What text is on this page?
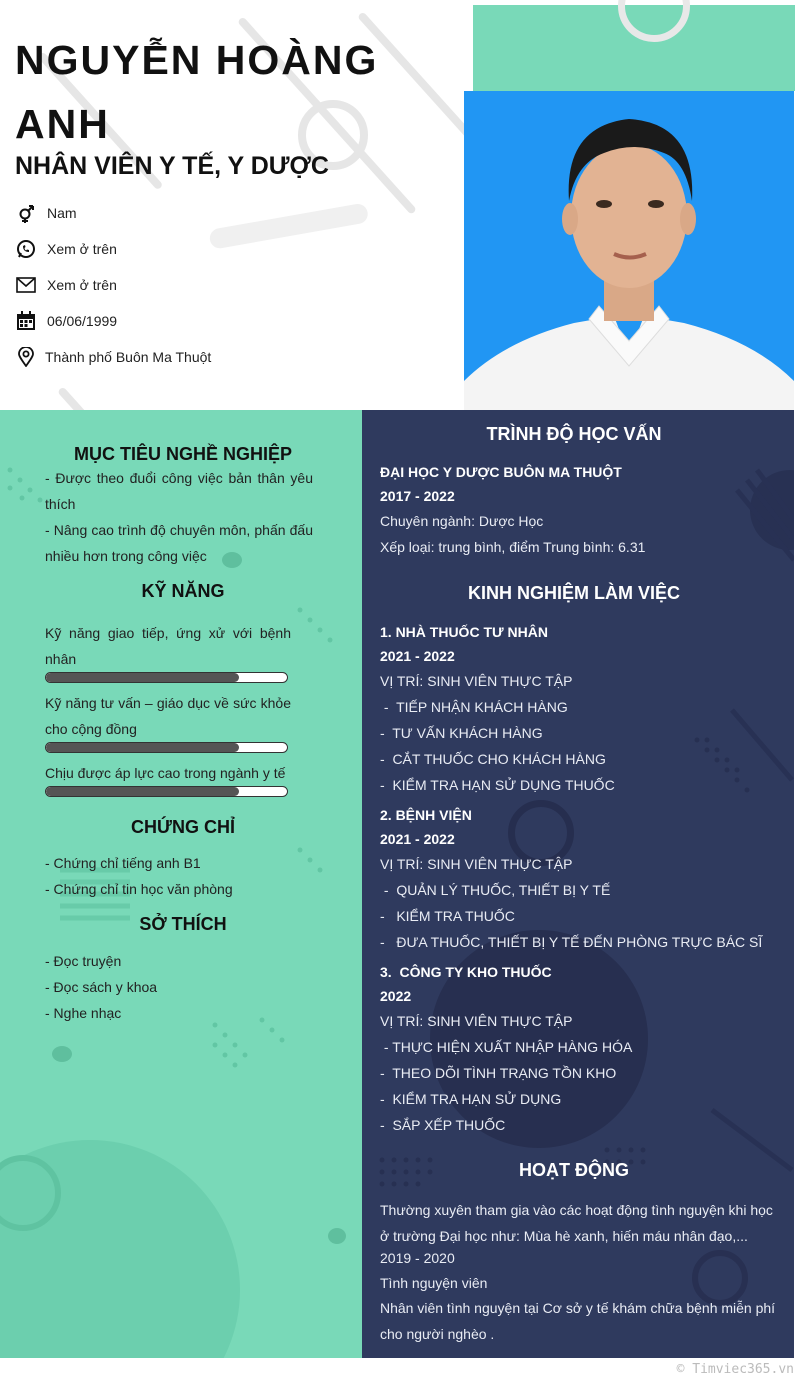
NGUYỄN HOÀNG ANH
NHÂN VIÊN Y TẾ, Y DƯỢC
Nam
Xem ở trên
Xem ở trên
06/06/1999
Thành phố Buôn Ma Thuột
MỤC TIÊU NGHỀ NGHIỆP
- Được theo đuổi công việc bản thân yêu thích
- Nâng cao trình độ chuyên môn, phấn đấu nhiều hơn trong công việc
KỸ NĂNG
Kỹ năng giao tiếp, ứng xử với bệnh nhân
Kỹ năng tư vấn – giáo dục về sức khỏe cho cộng đồng
Chịu được áp lực cao trong ngành y tế
CHỨNG CHỈ
- Chứng chỉ tiếng anh B1
- Chứng chỉ tin học văn phòng
SỞ THÍCH
- Đọc truyện
- Đọc sách y khoa
- Nghe nhạc
TRÌNH ĐỘ HỌC VẤN
ĐẠI HỌC Y DƯỢC BUÔN MA THUỘT
2017 - 2022
Chuyên ngành: Dược Học
Xếp loại: trung bình, điểm Trung bình: 6.31
KINH NGHIỆM LÀM VIỆC
1. NHÀ THUỐC TƯ NHÂN
2021 - 2022
VỊ TRÍ: SINH VIÊN THỰC TẬP
-  TIẾP NHẬN KHÁCH HÀNG
-  TƯ VẤN KHÁCH HÀNG
-  CẮT THUỐC CHO KHÁCH HÀNG
-  KIỂM TRA HẠN SỬ DỤNG THUỐC
2. BỆNH VIỆN
2021 - 2022
VỊ TRÍ: SINH VIÊN THỰC TẬP
-  QUẢN LÝ THUỐC, THIẾT BỊ Y TẾ
-   KIỂM TRA THUỐC
-   ĐƯA THUỐC, THIẾT BỊ Y TẾ ĐẾN PHÒNG TRỰC BÁC SĨ
3.  CÔNG TY KHO THUỐC
2022
VỊ TRÍ: SINH VIÊN THỰC TẬP
- THỰC HIỆN XUẤT NHẬP HÀNG HÓA
-  THEO DÕI TÌNH TRẠNG TỒN KHO
-  KIỂM TRA HẠN SỬ DỤNG
-  SẮP XẾP THUỐC
HOẠT ĐỘNG
Thường xuyên tham gia vào các hoạt động tình nguyện khi học ở trường Đại học như: Mùa hè xanh, hiến máu nhân đạo,...
2019 - 2020
Tình nguyện viên
Nhân viên tình nguyện tại Cơ sở y tế khám chữa bệnh miễn phí cho người nghèo .
© Timviec365.vn
